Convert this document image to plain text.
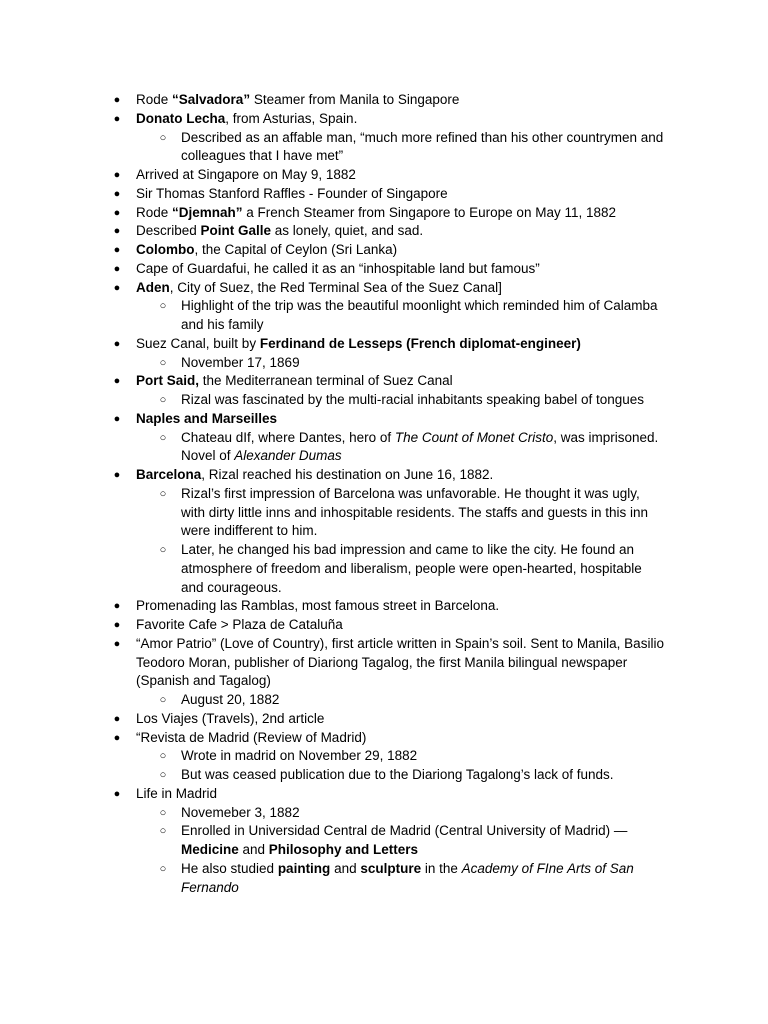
● Rode “Salvadora” Steamer from Manila to Singapore
● Donato Lecha, from Asturias, Spain.
○ Described as an affable man, “much more refined than his other countrymen and
colleagues that I have met”
● Arrived at Singapore on May 9, 1882
● Sir Thomas Stanford Raffles - Founder of Singapore
● Rode “Djemnah” a French Steamer from Singapore to Europe on May 11, 1882
● Described Point Galle as lonely, quiet, and sad.
● Colombo, the Capital of Ceylon (Sri Lanka)
● Cape of Guardafui, he called it as an “inhospitable land but famous”
● Aden, City of Suez, the Red Terminal Sea of the Suez Canal]
○ Highlight of the trip was the beautiful moonlight which reminded him of Calamba
and his family
● Suez Canal, built by Ferdinand de Lesseps (French diplomat-engineer)
○ November 17, 1869
● Port Said, the Mediterranean terminal of Suez Canal
○ Rizal was fascinated by the multi-racial inhabitants speaking babel of tongues
● Naples and Marseilles
○ Chateau dIf, where Dantes, hero of The Count of Monet Cristo, was imprisoned.
Novel of Alexander Dumas
● Barcelona, Rizal reached his destination on June 16, 1882.
○ Rizal’s first impression of Barcelona was unfavorable. He thought it was ugly,
with dirty little inns and inhospitable residents. The staffs and guests in this inn
were indifferent to him.
○ Later, he changed his bad impression and came to like the city. He found an
atmosphere of freedom and liberalism, people were open-hearted, hospitable
and courageous.
● Promenading las Ramblas, most famous street in Barcelona.
● Favorite Cafe > Plaza de Cataluña
● “Amor Patrio” (Love of Country), first article written in Spain’s soil. Sent to Manila, Basilio
Teodoro Moran, publisher of Diariong Tagalog, the first Manila bilingual newspaper
(Spanish and Tagalog)
○ August 20, 1882
● Los Viajes (Travels), 2nd article
● “Revista de Madrid (Review of Madrid)
○ Wrote in madrid on November 29, 1882
○ But was ceased publication due to the Diariong Tagalong’s lack of funds.
● Life in Madrid
○ Novemeber 3, 1882
○ Enrolled in Universidad Central de Madrid (Central University of Madrid) —
Medicine and Philosophy and Letters
○ He also studied painting and sculpture in the Academy of FIne Arts of San
Fernando
